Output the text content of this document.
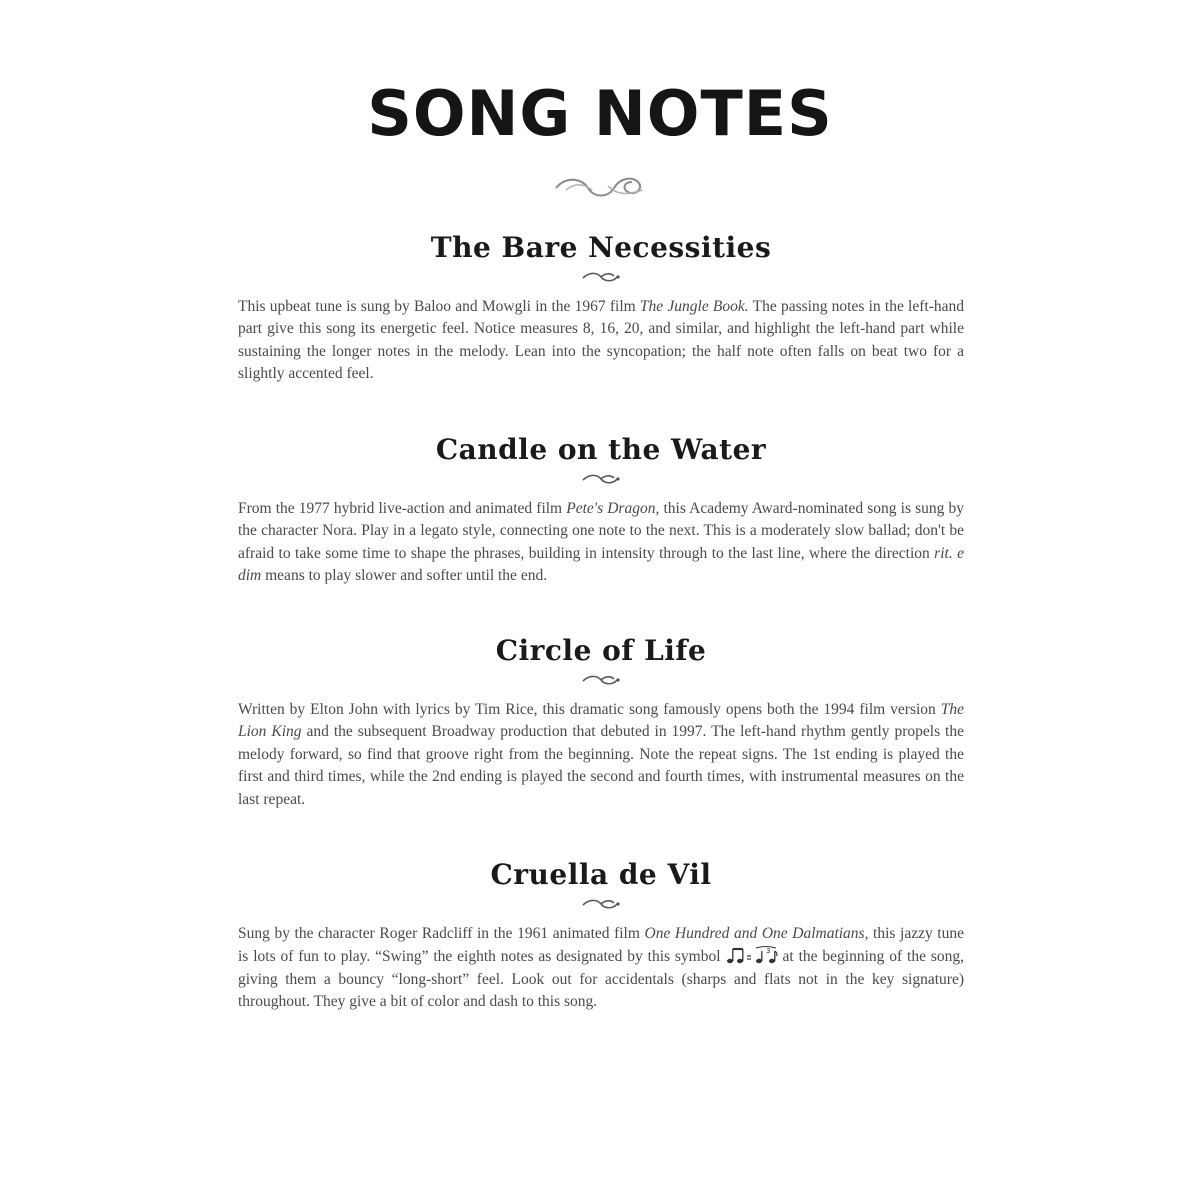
SONG NOTES
The Bare Necessities

This upbeat tune is sung by Baloo and Mowgli in the 1967 film The Jungle Book. The passing notes in the left-hand part give this song its energetic feel. Notice measures 8, 16, 20, and similar, and highlight the left-hand part while sustaining the longer notes in the melody. Lean into the syncopation; the half note often falls on beat two for a slightly accented feel.

Candle on the Water

From the 1977 hybrid live-action and animated film Pete's Dragon, this Academy Award-nominated song is sung by the character Nora. Play in a legato style, connecting one note to the next. This is a moderately slow ballad; don't be afraid to take some time to shape the phrases, building in intensity through to the last line, where the direction rit. e dim means to play slower and softer until the end.

Circle of Life

Written by Elton John with lyrics by Tim Rice, this dramatic song famously opens both the 1994 film version The Lion King and the subsequent Broadway production that debuted in 1997. The left-hand rhythm gently propels the melody forward, so find that groove right from the beginning. Note the repeat signs. The 1st ending is played the first and third times, while the 2nd ending is played the second and fourth times, with instrumental measures on the last repeat.

Cruella de Vil

Sung by the character Roger Radcliff in the 1961 animated film One Hundred and One Dalmatians, this jazzy tune is lots of fun to play. “Swing” the eighth notes as designated by this symbol	3 at the beginning of the song, giving them a bouncy “long-short” feel. Look out for accidentals (sharps and flats not in the key signature) throughout. They give a bit of color and dash to this song.
